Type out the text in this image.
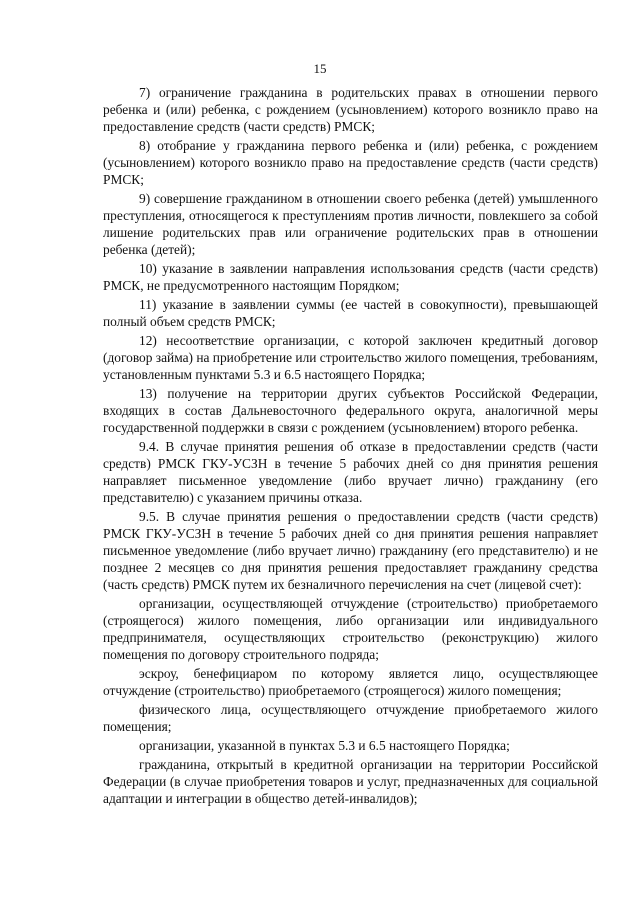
15

7) ограничение гражданина в родительских правах в отношении первого ребенка и (или) ребенка, с рождением (усыновлением) которого возникло право на предоставление средств (части средств) РМСК;

8) отобрание у гражданина первого ребенка и (или) ребенка, с рождением (усыновлением) которого возникло право на предоставление средств (части средств) РМСК;

9) совершение гражданином в отношении своего ребенка (детей) умышленного преступления, относящегося к преступлениям против личности, повлекшего за собой лишение родительских прав или ограничение родительских прав в отношении ребенка (детей);

10) указание в заявлении направления использования средств (части средств) РМСК, не предусмотренного настоящим Порядком;

11) указание в заявлении суммы (ее частей в совокупности), превышающей полный объем средств РМСК;

12) несоответствие организации, с которой заключен кредитный договор (договор займа) на приобретение или строительство жилого помещения, требованиям, установленным пунктами 5.3 и 6.5 настоящего Порядка;

13) получение на территории других субъектов Российской Федерации, входящих в состав Дальневосточного федерального округа, аналогичной меры государственной поддержки в связи с рождением (усыновлением) второго ребенка.

9.4. В случае принятия решения об отказе в предоставлении средств (части средств) РМСК ГКУ-УСЗН в течение 5 рабочих дней со дня принятия решения направляет письменное уведомление (либо вручает лично) гражданину (его представителю) с указанием причины отказа.

9.5. В случае принятия решения о предоставлении средств (части средств) РМСК ГКУ-УСЗН в течение 5 рабочих дней со дня принятия решения направляет письменное уведомление (либо вручает лично) гражданину (его представителю) и не позднее 2 месяцев со дня принятия решения предоставляет гражданину средства (часть средств) РМСК путем их безналичного перечисления на счет (лицевой счет):

организации, осуществляющей отчуждение (строительство) приобретаемого (строящегося) жилого помещения, либо организации или индивидуального предпринимателя, осуществляющих строительство (реконструкцию) жилого помещения по договору строительного подряда;

эскроу, бенефициаром по которому является лицо, осуществляющее отчуждение (строительство) приобретаемого (строящегося) жилого помещения;

физического лица, осуществляющего отчуждение приобретаемого жилого помещения;

организации, указанной в пунктах 5.3 и 6.5 настоящего Порядка;

гражданина, открытый в кредитной организации на территории Российской Федерации (в случае приобретения товаров и услуг, предназначенных для социальной адаптации и интеграции в общество детей-инвалидов);
